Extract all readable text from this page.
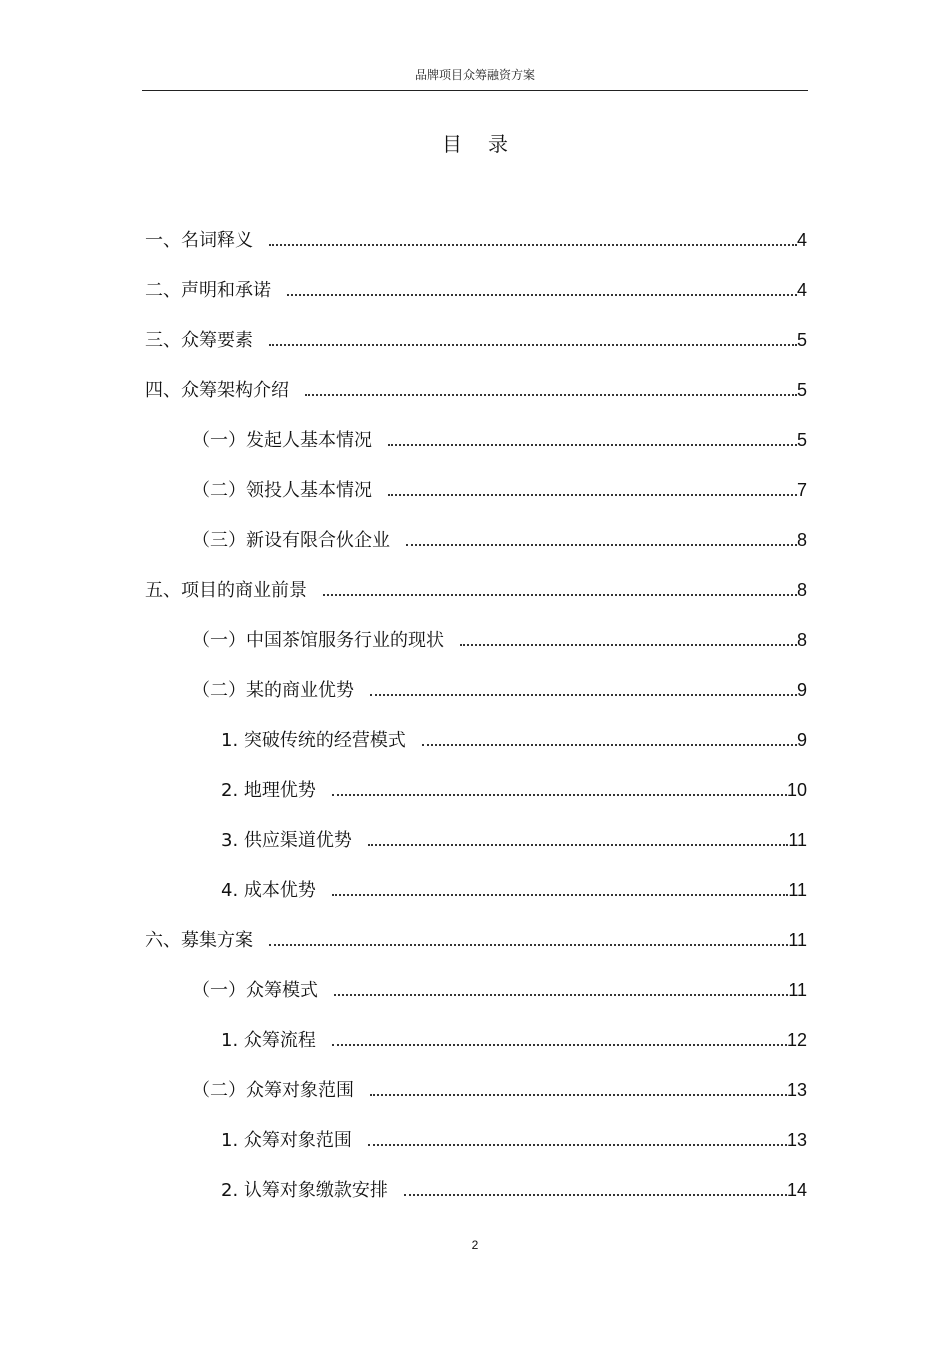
品牌项目众筹融资方案
目录
一、名词释义	4
二、声明和承诺	4
三、众筹要素	5
四、众筹架构介绍	5
（一）发起人基本情况	5
（二）领投人基本情况	7
（三）新设有限合伙企业	8
五、项目的商业前景	8
（一）中国茶馆服务行业的现状	8
（二）某的商业优势	9
1. 突破传统的经营模式	9
2. 地理优势	10
3. 供应渠道优势	11
4. 成本优势	11
六、募集方案	11
（一）众筹模式	11
1. 众筹流程	12
（二）众筹对象范围	13
1. 众筹对象范围	13
2. 认筹对象缴款安排	14
2
